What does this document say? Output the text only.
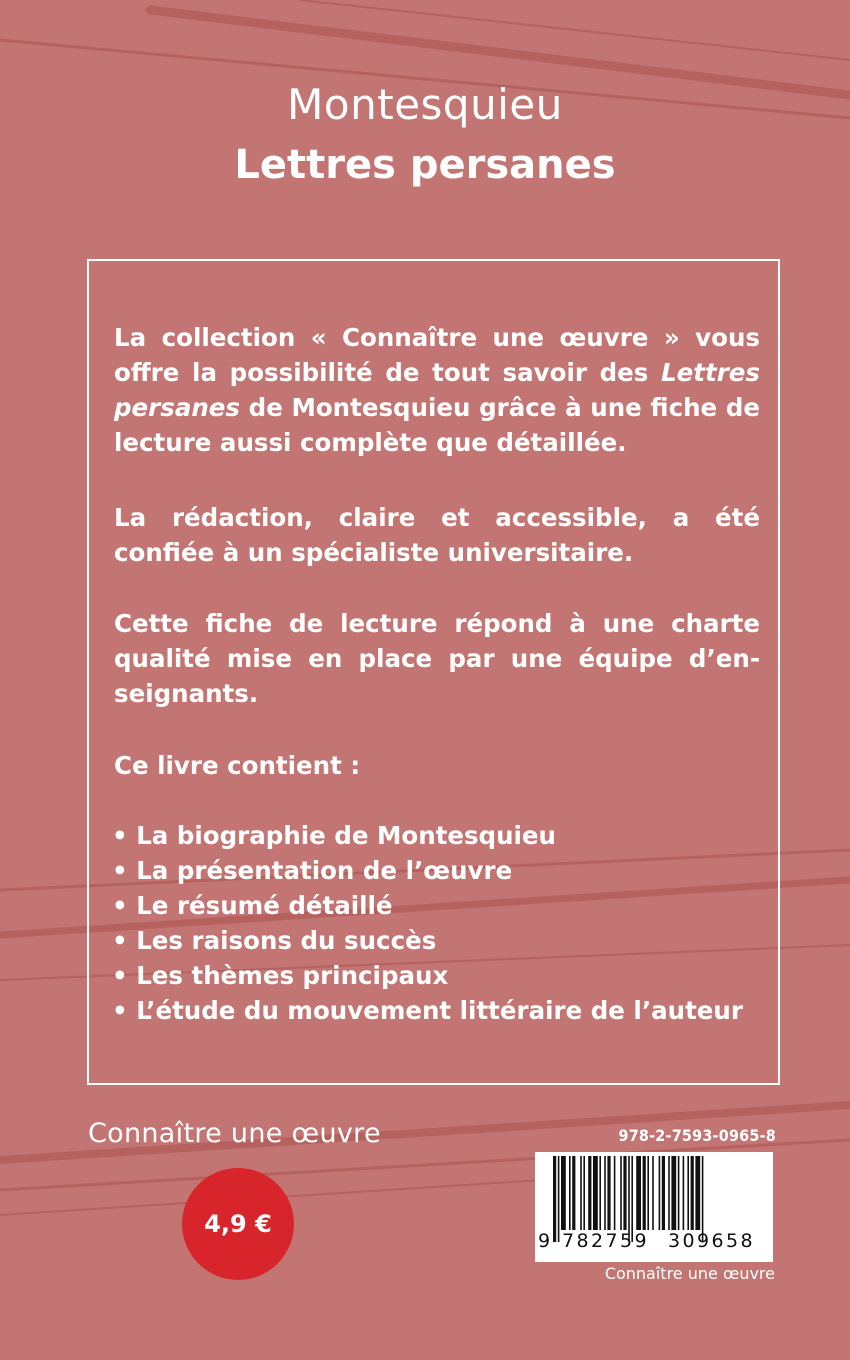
Montesquieu
Lettres persanes

La collection « Connaître une œuvre » vous offre la possibilité de tout savoir des Lettres persanes de Montesquieu grâce à une fiche de lecture aussi complète que détaillée.

La rédaction, claire et accessible, a été confiée à un spécialiste universitaire.

Cette fiche de lecture répond à une charte qualité mise en place par une équipe d’enseignants.

Ce livre contient :

• La biographie de Montesquieu
• La présentation de l’œuvre
• Le résumé détaillé
• Les raisons du succès
• Les thèmes principaux
• L’étude du mouvement littéraire de l’auteur
Connaître une œuvre
4,9 €
978-2-7593-0965-8
9 782759	309658
Connaître une œuvre
